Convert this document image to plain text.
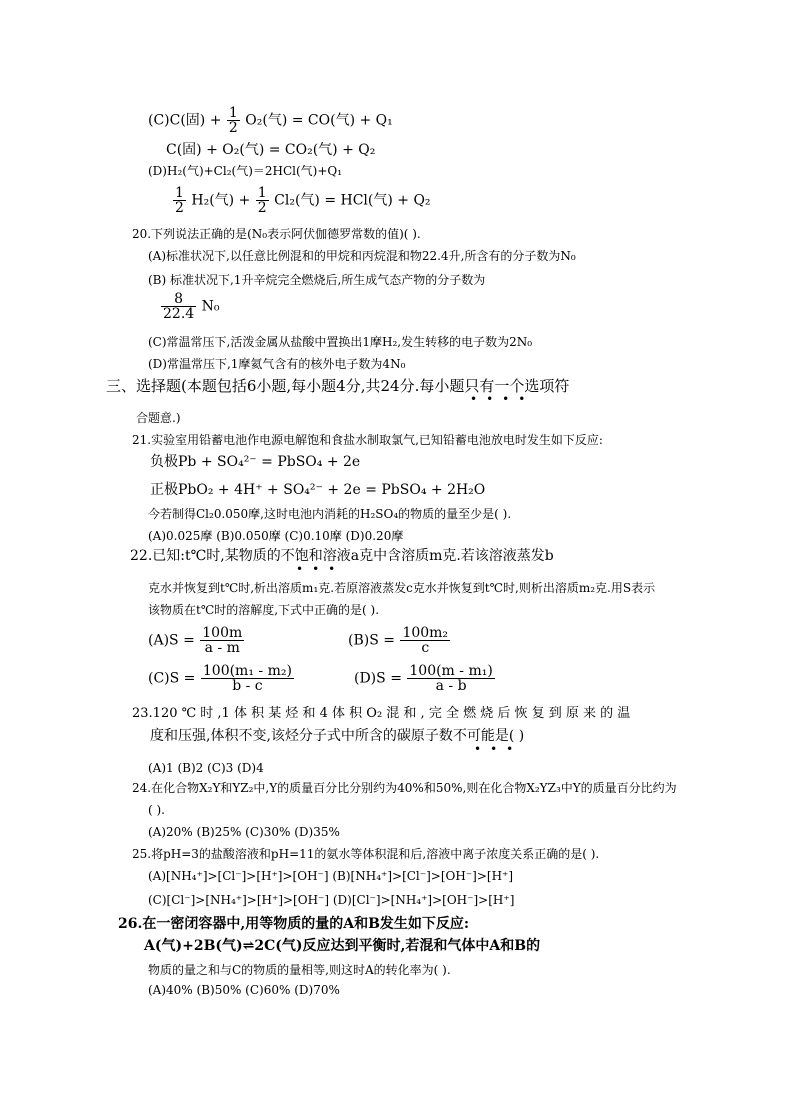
(C)C(固) + $\frac{1}{2} O_2$(气) = CO(气) + Q₁
C(固) + O₂(气) = CO₂(气) + Q₂
(D)H₂(气)+Cl₂(气)＝2HCl(气)+Q₁
$\frac{1}{2} H_2$(气) + $\frac{1}{2} Cl_2$(气) = HCl(气) + Q₂
20.下列说法正确的是(N₀表示阿伏伽德罗常数的值)( ).
(A)标准状况下,以任意比例混和的甲烷和丙烷混和物22.4升,所含有的分子数为N₀
(B) 标准状况下,1升辛烷完全燃烧后,所生成气态产物的分子数为
$\frac{8}{22.4} N_0$
(C)常温常压下,活泼金属从盐酸中置换出1摩H₂,发生转移的电子数为2N₀
(D)常温常压下,1摩氦气含有的核外电子数为4N₀
三、选择题(本题包括6小题,每小题4分,共24分.每小题只有一个选项符
••••
合题意.)
21.实验室用铅蓄电池作电源电解饱和食盐水制取氯气,已知铅蓄电池放电时发生如下反应:
负极Pb + SO₄²⁻ = PbSO₄ + 2e
正极PbO₂ + 4H⁺ + SO₄²⁻ + 2e = PbSO₄ + 2H₂O
今若制得Cl₂0.050摩,这时电池内消耗的H₂SO₄的物质的量至少是( ).
(A)0.025摩 (B)0.050摩 (C)0.10摩 (D)0.20摩
22.已知:t℃时,某物质的不饱和溶液a克中含溶质m克.若该溶液蒸发b
•••
克水并恢复到t℃时,析出溶质m₁克.若原溶液蒸发c克水并恢复到t℃时,则析出溶质m₂克.用S表示
该物质在t℃时的溶解度,下式中正确的是( ).
$(A)S = \frac{100m}{a - m}$	$(B)S = \frac{\text{100m₂}}{c}$
$(C)S = \frac{\text{100(m₁ - m₂)}}{b - c}$	$(D)S = \frac{\text{100(m - m₁)}}{a - b}$
23.120 ℃ 时 ,1 体 积 某 烃 和 4 体 积 O₂ 混 和 , 完 全 燃 烧 后 恢 复 到 原 来 的 温
度和压强,体积不变,该烃分子式中所含的碳原子数不可能是( )
•••
(A)1 (B)2 (C)3 (D)4
24.在化合物X₂Y和YZ₂中,Y的质量百分比分别约为40%和50%,则在化合物X₂YZ₃中Y的质量百分比约为
( ).
(A)20% (B)25% (C)30% (D)35%
25.将pH=3的盐酸溶液和pH=11的氨水等体积混和后,溶液中离子浓度关系正确的是( ).
(A)[NH₄⁺]>[Cl⁻]>[H⁺]>[OH⁻] (B)[NH₄⁺]>[Cl⁻]>[OH⁻]>[H⁺]
(C)[Cl⁻]>[NH₄⁺]>[H⁺]>[OH⁻] (D)[Cl⁻]>[NH₄⁺]>[OH⁻]>[H⁺]
26.在一密闭容器中,用等物质的量的A和B发生如下反应:
A(气)+2B(气)⇌2C(气)反应达到平衡时,若混和气体中A和B的
物质的量之和与C的物质的量相等,则这时A的转化率为( ).
(A)40% (B)50% (C)60% (D)70%
